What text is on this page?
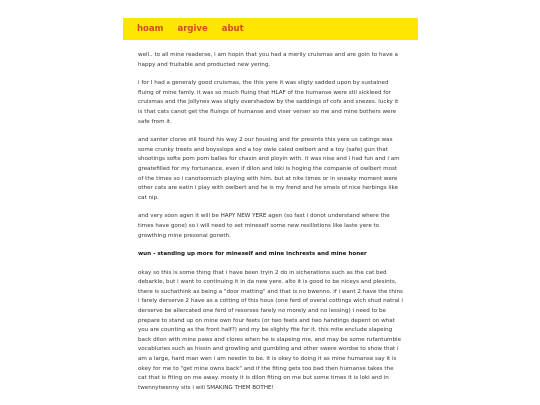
hoam argive abut

well.. to all mine readerse, i am hopin that you had a merily cruismas and are goin to have a happy and fruitable and producted new yering.

i for I had a generaly good cruismas, the this yere it was sligty sadded upon by sustained fluing of mine famly. it was so much fluing that HLAF of the humanse were stil sickleed for cruismas and the jollynes was sligty overshadow by the saddings of cofs and snezes. lucky it is that cats canot get the fluings of humanse and viser verser so me and mine bothers were safe from it.

and santer clorse stil found his way 2 our housing and for presints this yere us catings was some crunky treets and boysslops and a toy owle caled owlbert and a toy (safe) gun that shootings softe pom pom balles for chasin and ployin with. it was nise and i had fun and i am greatefilled for my fortunance, even if dilon and loki is hoging the companie of owlbert most of the times so i canotsomuch playing with him. but at nite times or in sneaky moment were other cats are eatin i play with owlbert and he is my frend and he smels of nice herbings like cat nip.

and very soon agen it will be HAPY NEW YERE agen (so fast i donot understand where the times have gone) so i will need to set mineself some new resillotions like laste yere to growthing mine presonal gorwth.

wun - standing up more for mineself and mine inchrests and mine honer

okay so this is some thing that i have been tryin 2 do in sicherations such as the cat bed debarkle, but i want to continuing it in da new yere. alto it is good to be niceys and plesints, there is suchathink as being a "door matting" and that is no bwenno. if i want 2 have the thins i farely derserve 2 have as a cotting of this hous (one ferd of overal cottings wich shud natral i derserve be allercated one ferd of resorses farely no morely and no lessing) i need to be prepare to stand up on mine own four feets (or two feets and two handings depent on what you are counting as the front half?) and my be slighty fite for it. this mite enclude slapeing back dilon with mine paws and clores when he is slapeing me, and may be some rufantumble vocabluries such as hissin and growling and gumbling and other swere wordse to show that i am a large, hard man wen i am needin to be. it is okey to doing it as mine humanse say it is okey for me to "get mine owns back" and if the fiting gets too bad then humanse takes the cat that is fiting on me away. mosty it is dilon fiting on me but some times it is loki and in twennytwenny sits i will SMAKING THEM BOTHE!
